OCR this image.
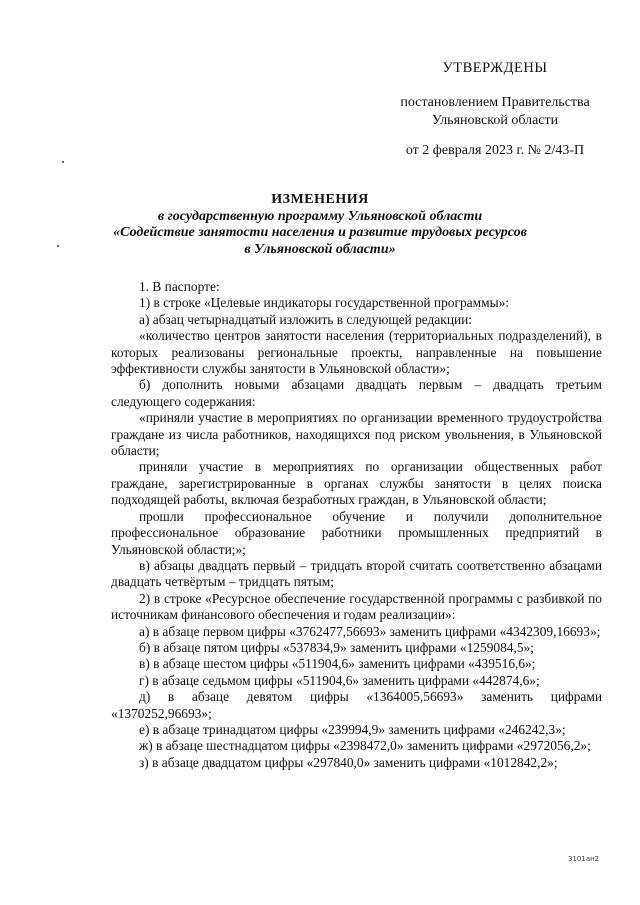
УТВЕРЖДЕНЫ
постановлением Правительства
Ульяновской области
от 2 февраля 2023 г. № 2/43-П
ИЗМЕНЕНИЯ
в государственную программу Ульяновской области
«Содействие занятости населения и развитие трудовых ресурсов
в Ульяновской области»

1. В паспорте:

1) в строке «Целевые индикаторы государственной программы»:

а) абзац четырнадцатый изложить в следующей редакции:

«количество центров занятости населения (территориальных подразделений), в которых реализованы региональные проекты, направленные на повышение эффективности службы занятости в Ульяновской области»;

б) дополнить новыми абзацами двадцать первым – двадцать третьим следующего содержания:

«приняли участие в мероприятиях по организации временного трудоустройства граждане из числа работников, находящихся под риском увольнения, в Ульяновской области;

приняли участие в мероприятиях по организации общественных работ граждане, зарегистрированные в органах службы занятости в целях поиска подходящей работы, включая безработных граждан, в Ульяновской области;

прошли профессиональное обучение и получили дополнительное профессиональное образование работники промышленных предприятий в Ульяновской области;»;

в) абзацы двадцать первый – тридцать второй считать соответственно абзацами двадцать четвёртым – тридцать пятым;

2) в строке «Ресурсное обеспечение государственной программы с разбивкой по источникам финансового обеспечения и годам реализации»:

а) в абзаце первом цифры «3762477,56693» заменить цифрами «4342309,16693»;

б) в абзаце пятом цифры «537834,9» заменить цифрами «1259084,5»;

в) в абзаце шестом цифры «511904,6» заменить цифрами «439516,6»;

г) в абзаце седьмом цифры «511904,6» заменить цифрами «442874,6»;

д) в абзаце девятом цифры «1364005,56693» заменить цифрами «1370252,96693»;

е) в абзаце тринадцатом цифры «239994,9» заменить цифрами «246242,3»;

ж) в абзаце шестнадцатом цифры «2398472,0» заменить цифрами «2972056,2»;

з) в абзаце двадцатом цифры «297840,0» заменить цифрами «1012842,2»;

3101ан2
